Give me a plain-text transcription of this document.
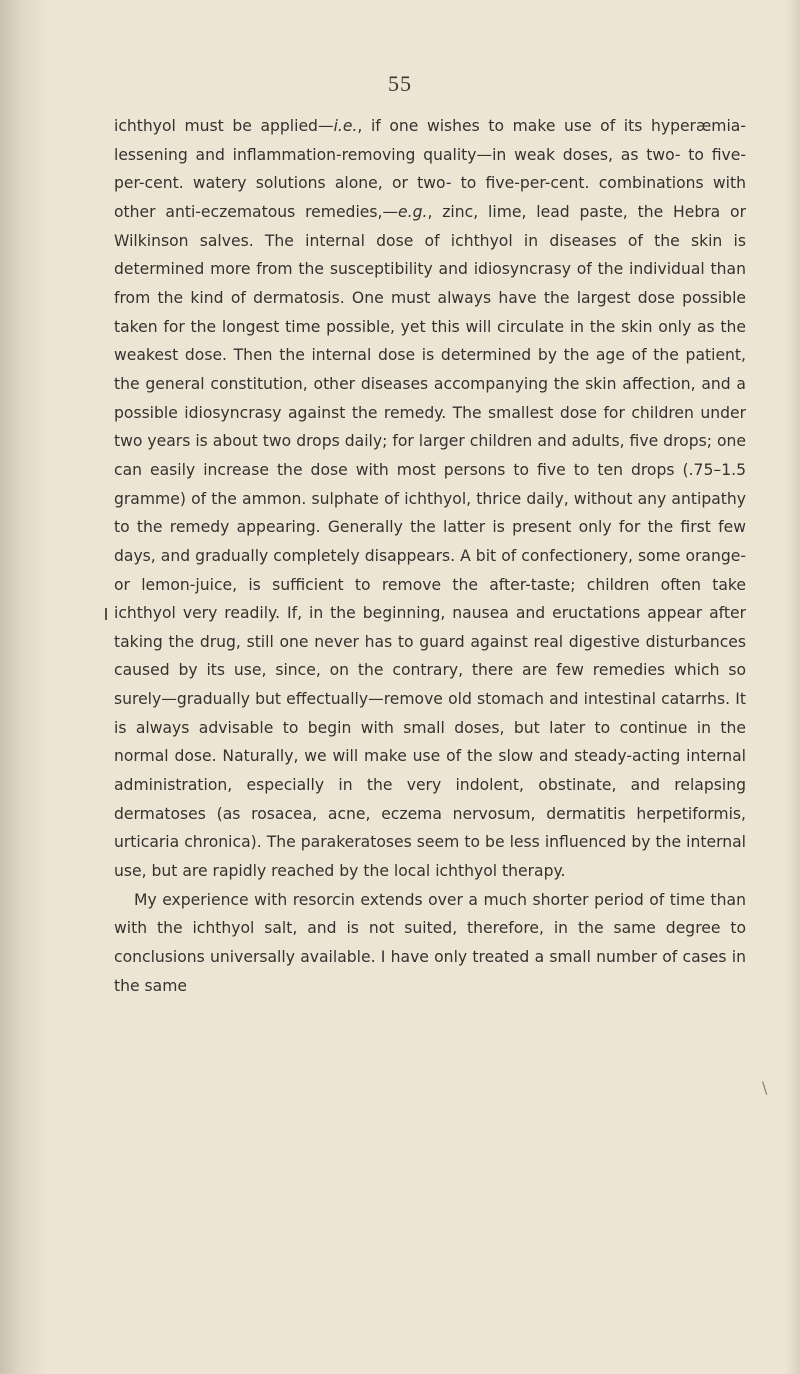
55

ichthyol must be applied—i.e., if one wishes to make use of its hyperæmia-lessening and inflammation-removing quality—in weak doses, as two- to five-per-cent. watery solutions alone, or two- to five-per-cent. combinations with other anti-eczematous remedies,—e.g., zinc, lime, lead paste, the Hebra or Wilkinson salves. The internal dose of ichthyol in diseases of the skin is determined more from the susceptibility and idiosyncrasy of the individual than from the kind of dermatosis. One must always have the largest dose possible taken for the longest time possible, yet this will circulate in the skin only as the weakest dose. Then the internal dose is determined by the age of the patient, the general constitution, other diseases accompanying the skin affection, and a possible idiosyncrasy against the remedy. The smallest dose for children under two years is about two drops daily; for larger children and adults, five drops; one can easily increase the dose with most persons to five to ten drops (.75–1.5 gramme) of the ammon. sulphate of ichthyol, thrice daily, without any antipathy to the remedy appearing. Generally the latter is present only for the first few days, and gradually completely disappears. A bit of confectionery, some orange- or lemon-juice, is sufficient to remove the after-taste; children often take ichthyol very readily. If, in the beginning, nausea and eructations appear after taking the drug, still one never has to guard against real digestive disturbances caused by its use, since, on the contrary, there are few remedies which so surely—gradually but effectually—remove old stomach and intestinal catarrhs. It is always advisable to begin with small doses, but later to continue in the normal dose. Naturally, we will make use of the slow and steady-acting internal administration, especially in the very indolent, obstinate, and relapsing dermatoses (as rosacea, acne, eczema nervosum, dermatitis herpetiformis, urticaria chronica). The parakeratoses seem to be less influenced by the internal use, but are rapidly reached by the local ichthyol therapy.

My experience with resorcin extends over a much shorter period of time than with the ichthyol salt, and is not suited, therefore, in the same degree to conclusions universally available. I have only treated a small number of cases in the same

\
